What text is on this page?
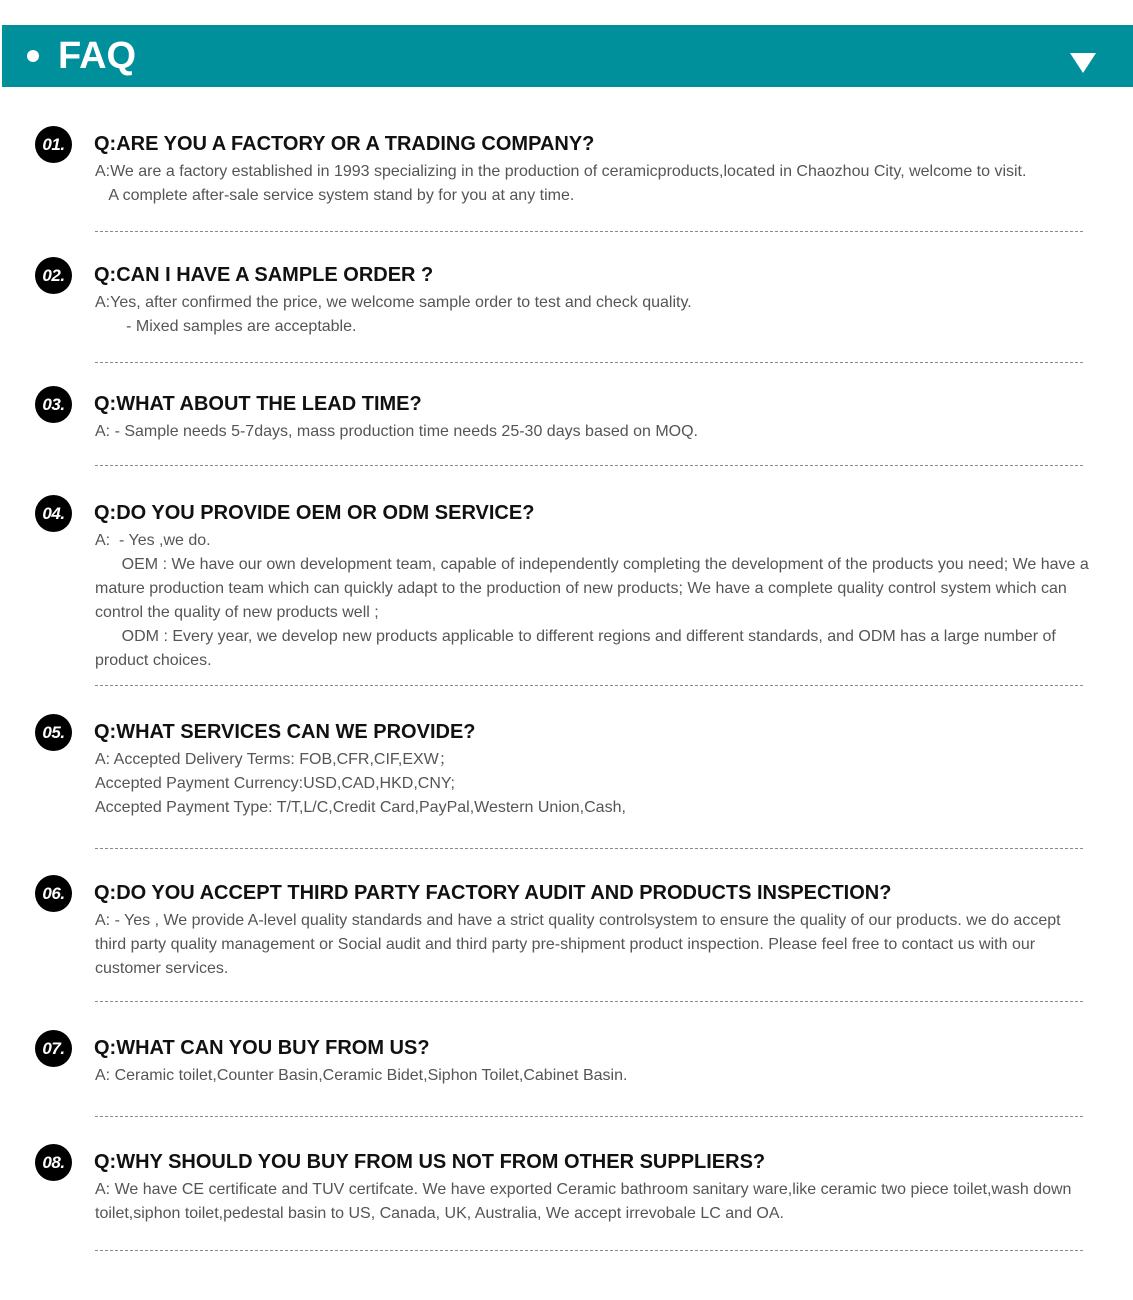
FAQ
01.	Q:ARE YOU A FACTORY OR A TRADING COMPANY?
A:We are a factory established in 1993 specializing in the production of ceramicproducts,located in Chaozhou City, welcome to visit.
A complete after-sale service system stand by for you at any time.
02.	Q:CAN I HAVE A SAMPLE ORDER ?
A:Yes, after confirmed the price, we welcome sample order to test and check quality.
- Mixed samples are acceptable.
03.	Q:WHAT ABOUT THE LEAD TIME?
A: - Sample needs 5-7days, mass production time needs 25-30 days based on MOQ.
04.	Q:DO YOU PROVIDE OEM OR ODM SERVICE?
A:  - Yes ,we do.
OEM : We have our own development team, capable of independently completing the development of the products you need; We have a mature production team which can quickly adapt to the production of new products; We have a complete quality control system which can control the quality of new products well ;
ODM : Every year, we develop new products applicable to different regions and different standards, and ODM has a large number of product choices.
05.	Q:WHAT SERVICES CAN WE PROVIDE?
A: Accepted Delivery Terms: FOB,CFR,CIF,EXW；
Accepted Payment Currency:USD,CAD,HKD,CNY;
Accepted Payment Type: T/T,L/C,Credit Card,PayPal,Western Union,Cash,
06.	Q:DO YOU ACCEPT THIRD PARTY FACTORY AUDIT AND PRODUCTS INSPECTION?
A: - Yes , We provide A-level quality standards and have a strict quality controlsystem to ensure the quality of our products. we do accept third party quality management or Social audit and third party pre-shipment product inspection. Please feel free to contact us with our customer services.
07.	Q:WHAT CAN YOU BUY FROM US?
A: Ceramic toilet,Counter Basin,Ceramic Bidet,Siphon Toilet,Cabinet Basin.
08.	Q:WHY SHOULD YOU BUY FROM US NOT FROM OTHER SUPPLIERS?
A: We have CE certificate and TUV certifcate. We have exported Ceramic bathroom sanitary ware,like ceramic two piece toilet,wash down toilet,siphon toilet,pedestal basin to US, Canada, UK, Australia, We accept irrevobale LC and OA.
